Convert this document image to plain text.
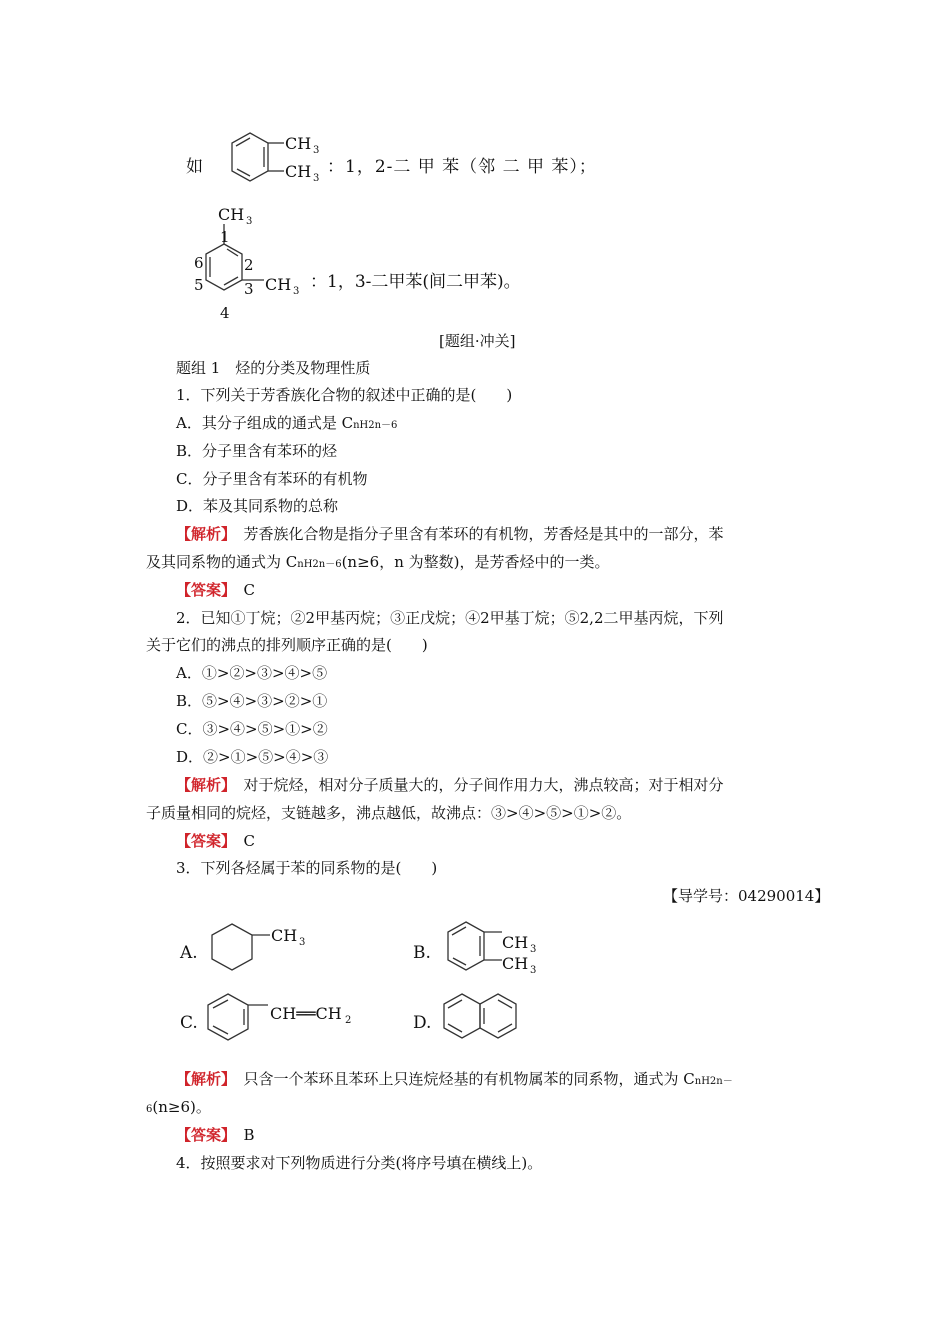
如
CH 3
CH 3
：1，2-二 甲 苯（邻 二 甲 苯）；
CH 3
1
2
3
4
5
6
CH 3 ：1，3-二甲苯(间二甲苯)。
[题组·冲关]
题组 1　烃的分类及物理性质
1．下列关于芳香族化合物的叙述中正确的是(　　)
A．其分子组成的通式是 CnH2n－6
B．分子里含有苯环的烃
C．分子里含有苯环的有机物
D．苯及其同系物的总称
【解析】　芳香族化合物是指分子里含有苯环的有机物，芳香烃是其中的一部分，苯
及其同系物的通式为 CnH2n－6(n≥6，n 为整数)，是芳香烃中的一类。
【答案】　C
2．已知①丁烷；②2甲基丙烷；③正戊烷；④2甲基丁烷；⑤2,2二甲基丙烷，下列
关于它们的沸点的排列顺序正确的是(　　)
A．①>②>③>④>⑤
B．⑤>④>③>②>①
C．③>④>⑤>①>②
D．②>①>⑤>④>③
【解析】　对于烷烃，相对分子质量大的，分子间作用力大，沸点较高；对于相对分
子质量相同的烷烃，支链越多，沸点越低，故沸点：③>④>⑤>①>②。
【答案】　C
3．下列各烃属于苯的同系物的是(　　)
【导学号：04290014】
A.
CH 3
B.
CH 3
CH 3
C.	CH══CH 2	D.
【解析】　只含一个苯环且苯环上只连烷烃基的有机物属苯的同系物，通式为 CnH2n－
6(n≥6)。
【答案】　B
4．按照要求对下列物质进行分类(将序号填在横线上)。
